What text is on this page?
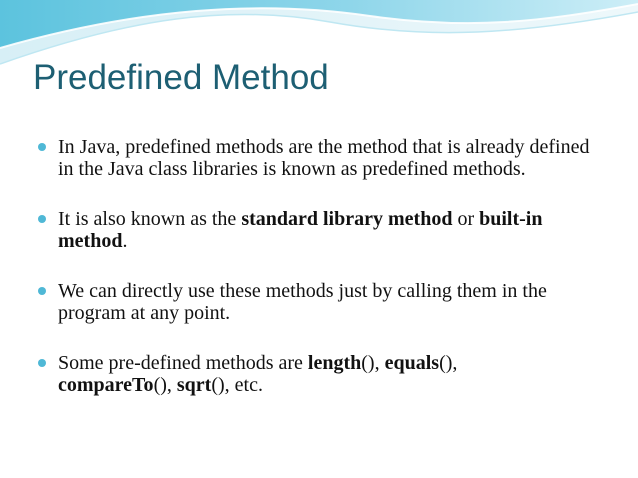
Predefined Method
In Java, predefined methods are the method that is already defined in the Java class libraries is known as predefined methods.
It is also known as the standard library method or built-in method.
We can directly use these methods just by calling them in the program at any point.
Some pre-defined methods are length(), equals(),
compareTo(), sqrt(), etc.
